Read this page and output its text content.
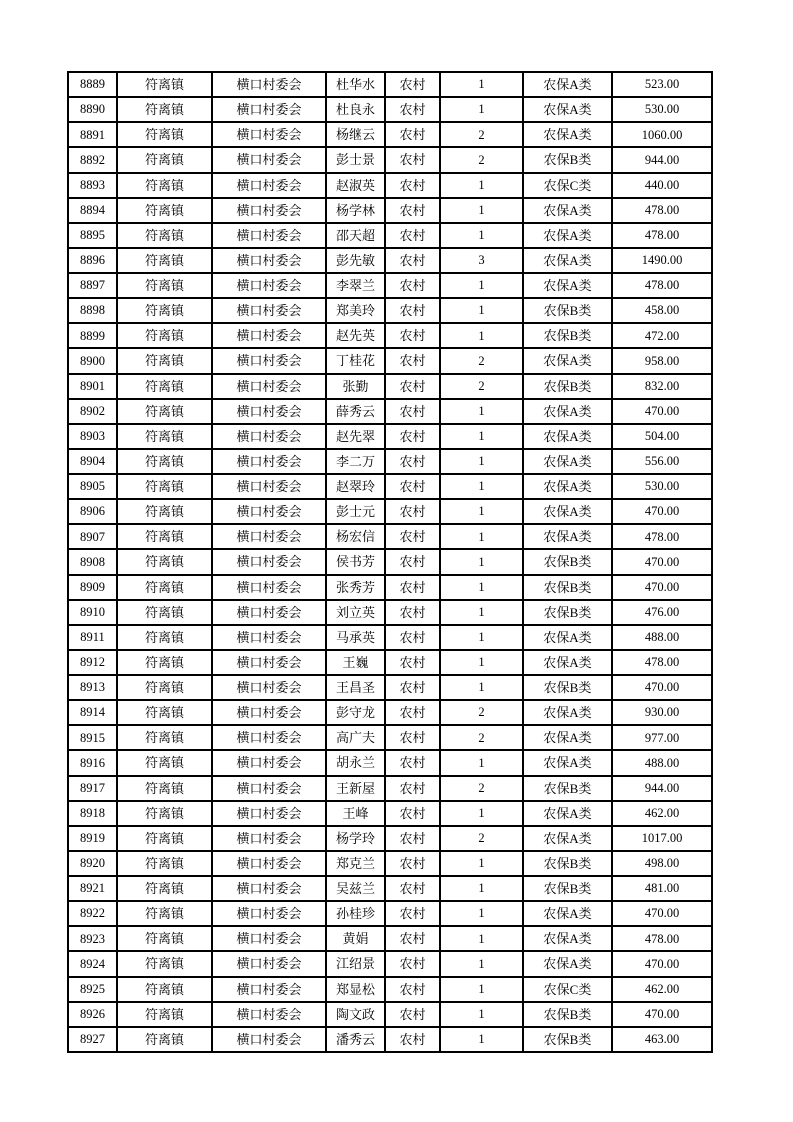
8889	符离镇	横口村委会	杜华水	农村	1	农保A类	523.00
8890	符离镇	横口村委会	杜良永	农村	1	农保A类	530.00
8891	符离镇	横口村委会	杨继云	农村	2	农保A类	1060.00
8892	符离镇	横口村委会	彭士景	农村	2	农保B类	944.00
8893	符离镇	横口村委会	赵淑英	农村	1	农保C类	440.00
8894	符离镇	横口村委会	杨学林	农村	1	农保A类	478.00
8895	符离镇	横口村委会	邵天超	农村	1	农保A类	478.00
8896	符离镇	横口村委会	彭先敏	农村	3	农保A类	1490.00
8897	符离镇	横口村委会	李翠兰	农村	1	农保A类	478.00
8898	符离镇	横口村委会	郑美玲	农村	1	农保B类	458.00
8899	符离镇	横口村委会	赵先英	农村	1	农保B类	472.00
8900	符离镇	横口村委会	丁桂花	农村	2	农保A类	958.00
8901	符离镇	横口村委会	张勤	农村	2	农保B类	832.00
8902	符离镇	横口村委会	薛秀云	农村	1	农保A类	470.00
8903	符离镇	横口村委会	赵先翠	农村	1	农保A类	504.00
8904	符离镇	横口村委会	李二万	农村	1	农保A类	556.00
8905	符离镇	横口村委会	赵翠玲	农村	1	农保A类	530.00
8906	符离镇	横口村委会	彭士元	农村	1	农保A类	470.00
8907	符离镇	横口村委会	杨宏信	农村	1	农保A类	478.00
8908	符离镇	横口村委会	侯书芳	农村	1	农保B类	470.00
8909	符离镇	横口村委会	张秀芳	农村	1	农保B类	470.00
8910	符离镇	横口村委会	刘立英	农村	1	农保B类	476.00
8911	符离镇	横口村委会	马承英	农村	1	农保A类	488.00
8912	符离镇	横口村委会	王巍	农村	1	农保A类	478.00
8913	符离镇	横口村委会	王昌圣	农村	1	农保B类	470.00
8914	符离镇	横口村委会	彭守龙	农村	2	农保A类	930.00
8915	符离镇	横口村委会	高广夫	农村	2	农保A类	977.00
8916	符离镇	横口村委会	胡永兰	农村	1	农保A类	488.00
8917	符离镇	横口村委会	王新屋	农村	2	农保B类	944.00
8918	符离镇	横口村委会	王峰	农村	1	农保A类	462.00
8919	符离镇	横口村委会	杨学玲	农村	2	农保A类	1017.00
8920	符离镇	横口村委会	郑克兰	农村	1	农保B类	498.00
8921	符离镇	横口村委会	吴兹兰	农村	1	农保B类	481.00
8922	符离镇	横口村委会	孙桂珍	农村	1	农保A类	470.00
8923	符离镇	横口村委会	黄娟	农村	1	农保A类	478.00
8924	符离镇	横口村委会	江绍景	农村	1	农保A类	470.00
8925	符离镇	横口村委会	郑显松	农村	1	农保C类	462.00
8926	符离镇	横口村委会	陶文政	农村	1	农保B类	470.00
8927	符离镇	横口村委会	潘秀云	农村	1	农保B类	463.00
